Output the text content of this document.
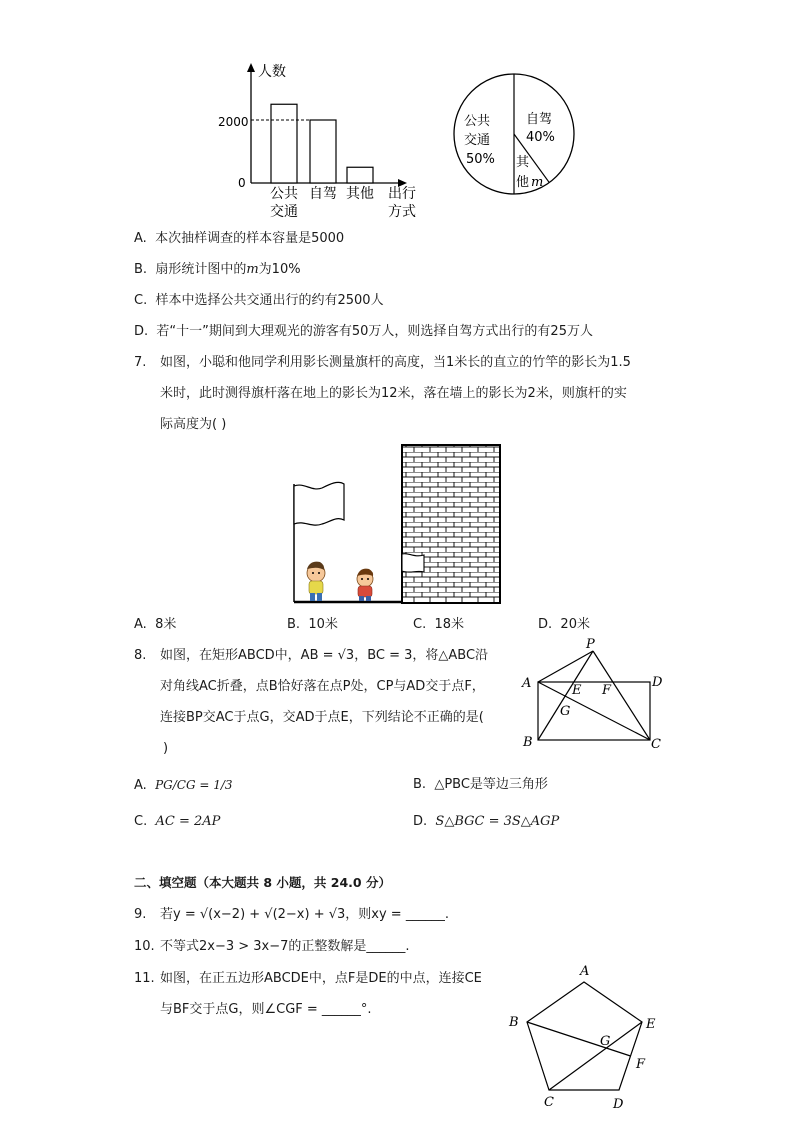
人数
2000
0
出行
方式
公共
交通
自驾 其他
公共
交通
50%
自驾
40%
其
他 m
A. 本次抽样调查的样本容量是5000
B. 扇形统计图中的m为10%
C. 样本中选择公共交通出行的约有2500人
D. 若“十一”期间到大理观光的游客有50万人，则选择自驾方式出行的有25万人
7. 如图，小聪和他同学利用影长测量旗杆的高度，当1米长的直立的竹竿的影长为1.5
米时，此时测得旗杆落在地上的影长为12米，落在墙上的影长为2米，则旗杆的实
际高度为( )
A. 8米	B. 10米	C. 18米	D. 20米
8. 如图，在矩形ABCD中，AB = √3，BC = 3，将△ABC沿
对角线AC折叠，点B恰好落在点P处，CP与AD交于点F，
连接BP交AC于点G，交AD于点E，下列结论不正确的是(
)
P
A	D
E F
G
B	C
A. PG/CG = 1/3	B. △PBC是等边三角形
C. AC = 2AP	D. S△BGC = 3S△AGP
二、填空题（本大题共 8 小题，共 24.0 分）
9. 若y = √(x−2) + √(2−x) + √3，则xy = ______.
10. 不等式2x−3 > 3x−7的正整数解是______.
11. 如图，在正五边形ABCDE中，点F是DE的中点，连接CE
与BF交于点G，则∠CGF = ______°.
A
B
C	D
E
F
G
